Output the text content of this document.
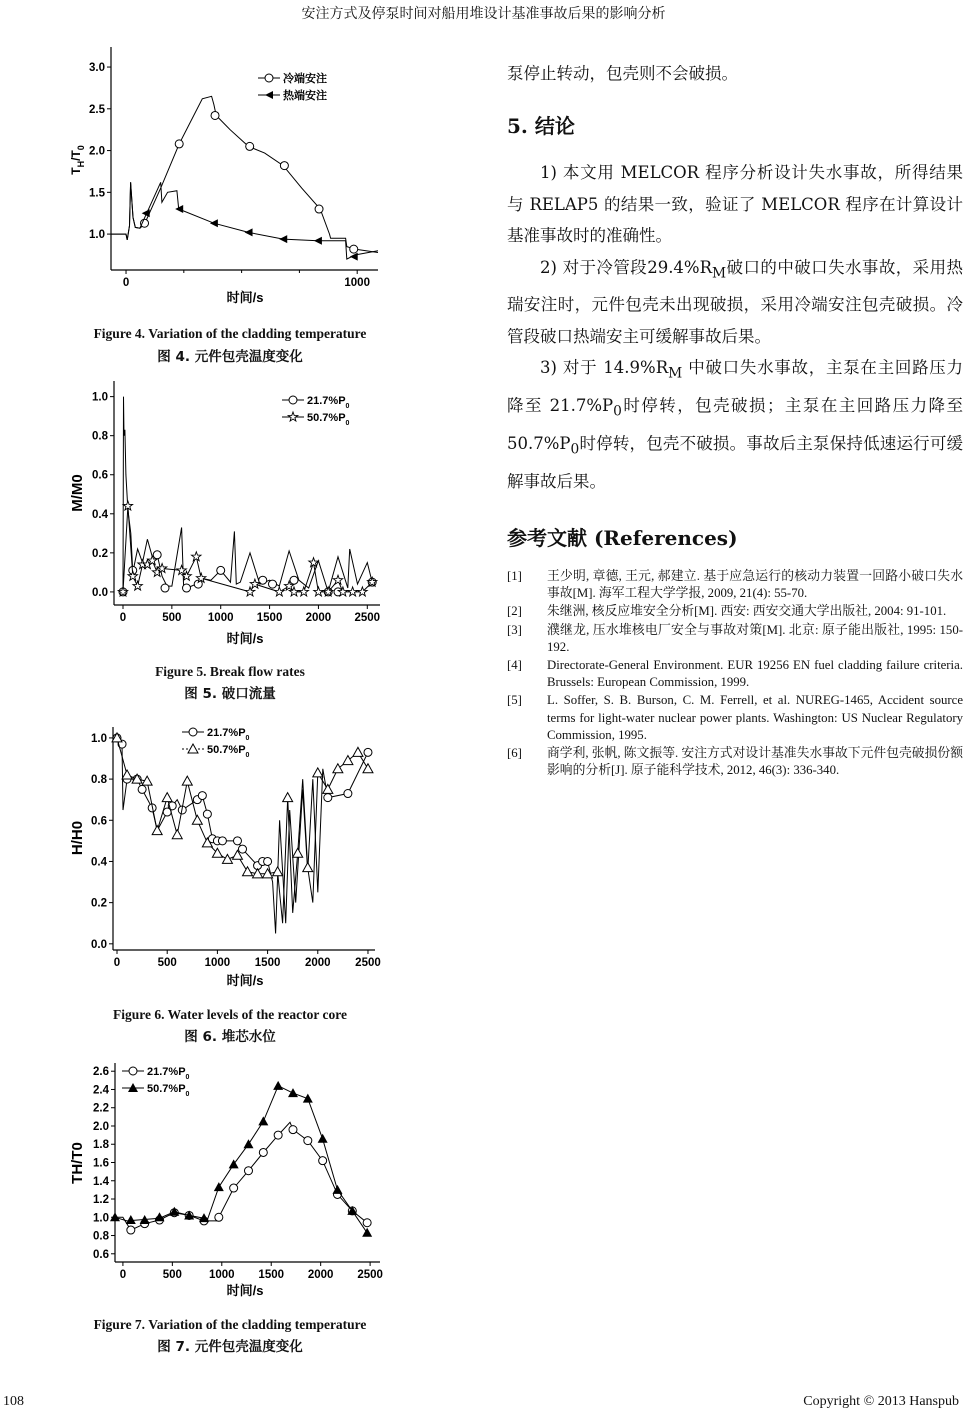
安注方式及停泵时间对船用堆设计基准事故后果的影响分析
0	1000
1.0
1.5
2.0
2.5
3.0
时间/s
$T_H/T_0$
冷端安注
热端安注
Figure 4. Variation of the cladding temperature
图 4. 元件包壳温度变化
0	500 1000 1500 2000 2500
0.0
0.2
0.4
0.6
0.8
1.0
时间/s
M/M0
$21.7\%P_0$
$50.7\%P_0$
Figure 5. Break flow rates
图 5. 破口流量
0	500 1000 1500 2000 2500
0.0
0.2
0.4
0.6
0.8
1.0
时间/s
H/H0
$21.7\%P_0$
$50.7\%P_0$
Figure 6. Water levels of the reactor core
图 6. 堆芯水位
0	500 1000 1500 2000 2500
0.6
0.8
1.0
1.2
1.4
1.6
1.8
2.0
2.2
2.4
2.6
时间/s
TH/T0
$21.7\%P_0$
$50.7\%P_0$
Figure 7. Variation of the cladding temperature
图 7. 元件包壳温度变化
泵停止转动，包壳则不会破损。
5. 结论

1) 本文用 MELCOR 程序分析设计失水事故，所得结果与 RELAP5 的结果一致，验证了 MELCOR 程序在计算设计基准事故时的准确性。

2) 对于冷管段$29.4\%R_M$破口的中破口失水事故，采用热瑞安注时，元件包壳未出现破损，采用冷端安注包壳破损。冷管段破口热端安主可缓解事故后果。

3) 对于 $14.9\%R_M$ 中破口失水事故，主泵在主回路压力降至 $21.7\%P_0$时停转，包壳破损；主泵在主回路压力降至 $50.7\%P_0$时停转，包壳不破损。事故后主泵保持低速运行可缓解事故后果。

参考文献 (References)
[1]	王少明, 章德, 王元, 郝建立. 基于应急运行的核动力装置一回路小破口失水事故[M]. 海军工程大学学报, 2009, 21(4): 55-70.
[2]	朱继洲, 核反应堆安全分析[M]. 西安: 西安交通大学出版社, 2004: 91-101.
[3]	濮继龙, 压水堆核电厂安全与事故对策[M]. 北京: 原子能出版社, 1995: 150-192.
[4]	Directorate-General Environment. EUR 19256 EN fuel cladding failure criteria. Brussels: European Commission, 1999.
[5]	L. Soffer, S. B. Burson, C. M. Ferrell, et al. NUREG-1465, Accident source terms for light-water nuclear power plants. Washington: US Nuclear Regulatory Commission, 1995.
[6]	商学利, 张帆, 陈文振等. 安注方式对设计基准失水事故下元件包壳破损份额影响的分析[J]. 原子能科学技术, 2012, 46(3): 336-340.
108	Copyright © 2013 Hanspub
